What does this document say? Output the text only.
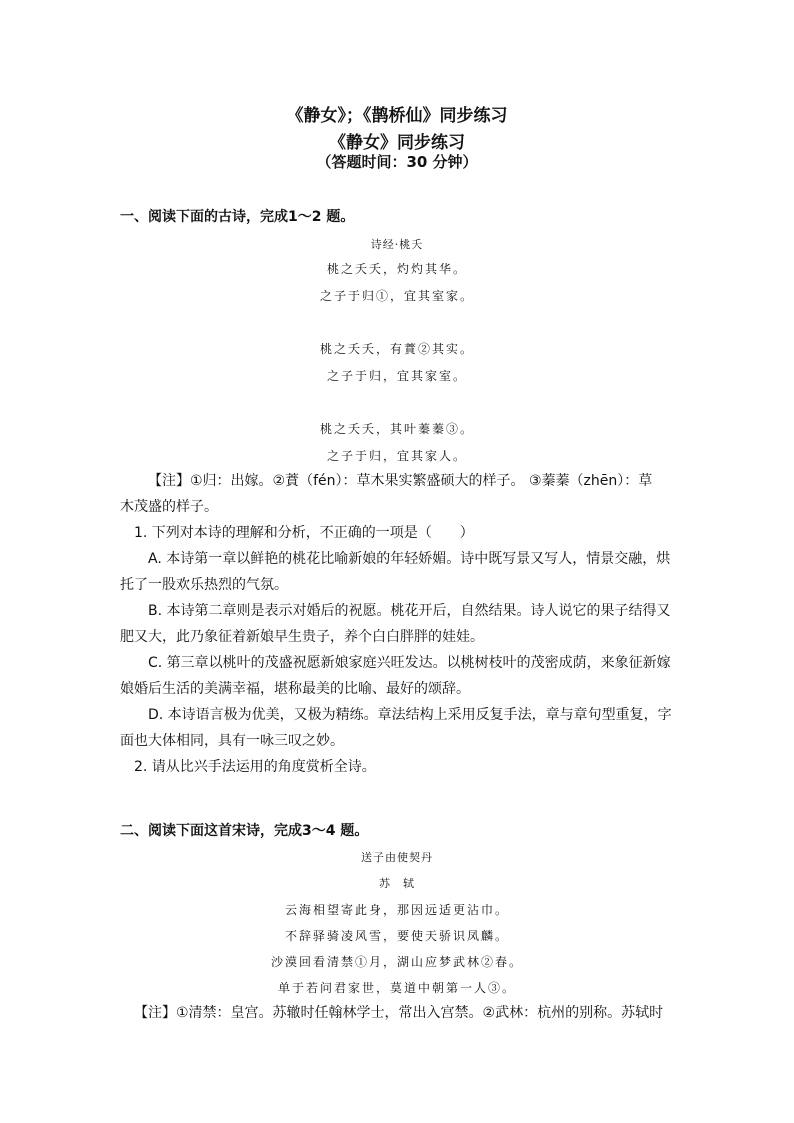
《静女》；《鹊桥仙》同步练习
《静女》同步练习
（答题时间：30 分钟）
一、阅读下面的古诗，完成1～2 题。
诗经·桃夭
桃之夭夭，灼灼其华。
之子于归①，宜其室家。
桃之夭夭，有蕡②其实。
之子于归，宜其家室。
桃之夭夭，其叶蓁蓁③。
之子于归，宜其家人。

【注】①归：出嫁。②蕡（fén）：草木果实繁盛硕大的样子。 ③蓁蓁（zhēn）：草

木茂盛的样子。

1. 下列对本诗的理解和分析，不正确的一项是（　　）

A. 本诗第一章以鲜艳的桃花比喻新娘的年轻娇媚。诗中既写景又写人，情景交融，烘

托了一股欢乐热烈的气氛。

B. 本诗第二章则是表示对婚后的祝愿。桃花开后，自然结果。诗人说它的果子结得又

肥又大，此乃象征着新娘早生贵子，养个白白胖胖的娃娃。

C. 第三章以桃叶的茂盛祝愿新娘家庭兴旺发达。以桃树枝叶的茂密成荫，来象征新嫁

娘婚后生活的美满幸福，堪称最美的比喻、最好的颂辞。

D. 本诗语言极为优美，又极为精练。章法结构上采用反复手法，章与章句型重复，字

面也大体相同，具有一咏三叹之妙。

2. 请从比兴手法运用的角度赏析全诗。

二、阅读下面这首宋诗，完成3～4 题。
送子由使契丹
苏　轼
云海相望寄此身，那因远适更沾巾。
不辞驿骑凌风雪，要使天骄识凤麟。
沙漠回看清禁①月，湖山应梦武林②春。
单于若问君家世，莫道中朝第一人③。

【注】①清禁：皇宫。苏辙时任翰林学士，常出入宫禁。②武林：杭州的别称。苏轼时
